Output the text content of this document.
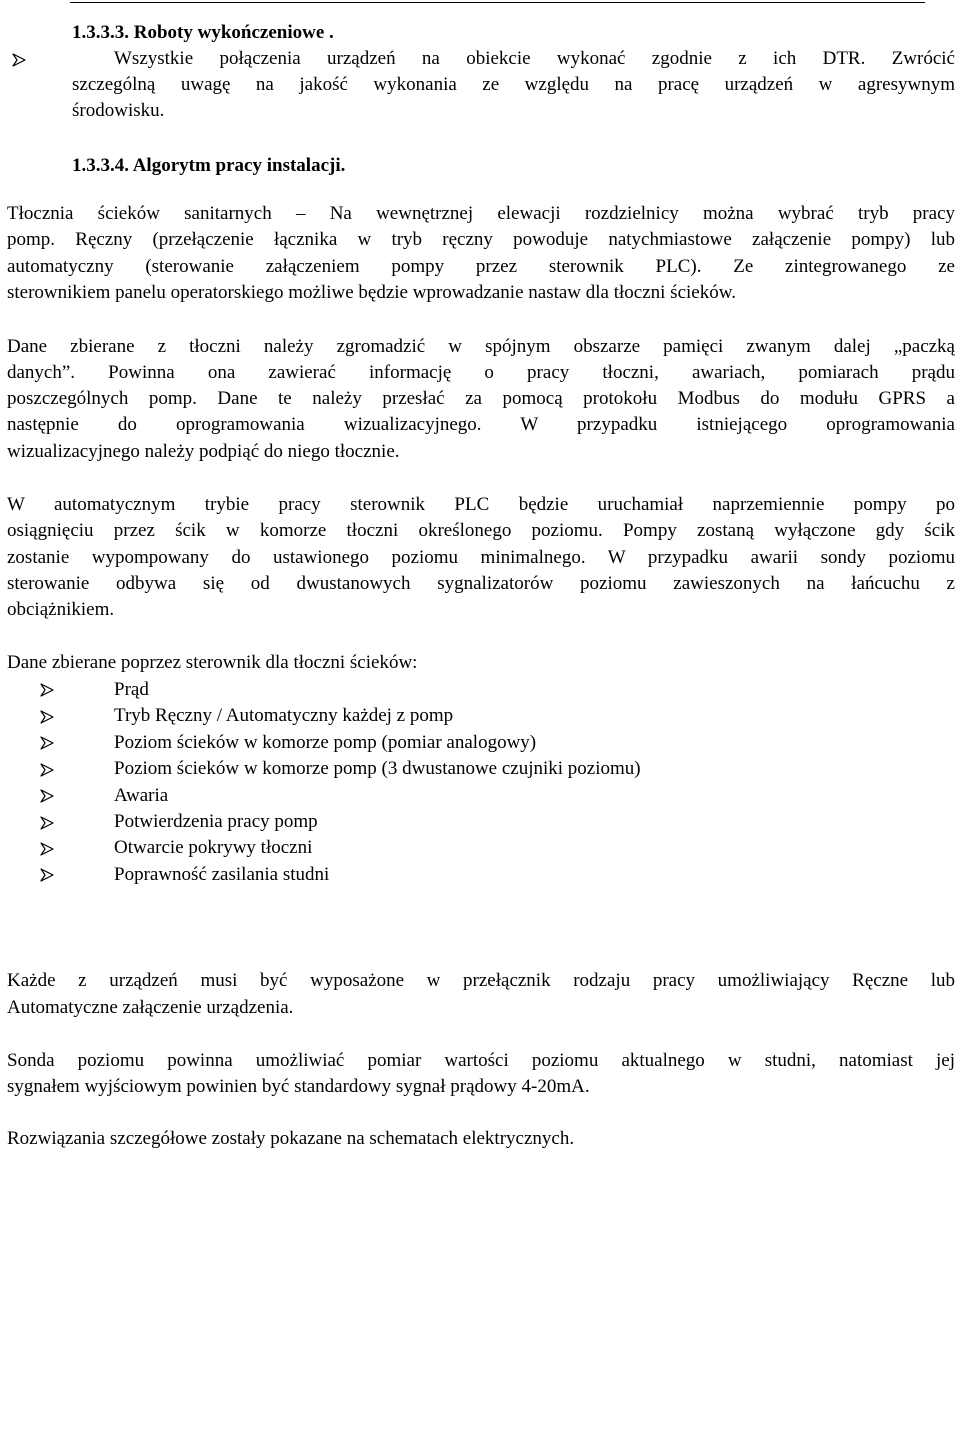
1.3.3.3. Roboty wykończeniowe .
Wszystkie połączenia urządzeń na obiekcie wykonać zgodnie z ich DTR. Zwrócić
szczególną uwagę na jakość wykonania ze względu na pracę urządzeń w agresywnym
środowisku.
1.3.3.4. Algorytm pracy instalacji.
Tłocznia ścieków sanitarnych – Na wewnętrznej elewacji rozdzielnicy można wybrać tryb pracy
pomp. Ręczny (przełączenie łącznika w tryb ręczny powoduje natychmiastowe załączenie pompy) lub
automatyczny (sterowanie załączeniem pompy przez sterownik PLC). Ze zintegrowanego ze
sterownikiem panelu operatorskiego możliwe będzie wprowadzanie nastaw dla tłoczni ścieków.
Dane zbierane z tłoczni należy zgromadzić w spójnym obszarze pamięci zwanym dalej „paczką
danych”. Powinna ona zawierać informację o pracy tłoczni, awariach, pomiarach prądu
poszczególnych pomp. Dane te należy przesłać za pomocą protokołu Modbus do modułu GPRS a
następnie do oprogramowania wizualizacyjnego. W przypadku istniejącego oprogramowania
wizualizacyjnego należy podpiąć do niego tłocznie.
W automatycznym trybie pracy sterownik PLC będzie uruchamiał naprzemiennie pompy po
osiągnięciu przez ścik w komorze tłoczni określonego poziomu. Pompy zostaną wyłączone gdy ścik
zostanie wypompowany do ustawionego poziomu minimalnego. W przypadku awarii sondy poziomu
sterowanie odbywa się od dwustanowych sygnalizatorów poziomu zawieszonych na łańcuchu z
obciążnikiem.
Dane zbierane poprzez sterownik dla tłoczni ścieków:
Prąd
Tryb Ręczny / Automatyczny każdej z pomp
Poziom ścieków w komorze pomp (pomiar analogowy)
Poziom ścieków w komorze pomp (3 dwustanowe czujniki poziomu)
Awaria
Potwierdzenia pracy pomp
Otwarcie pokrywy tłoczni
Poprawność zasilania studni
Każde z urządzeń musi być wyposażone w przełącznik rodzaju pracy umożliwiający Ręczne lub
Automatyczne załączenie urządzenia.
Sonda poziomu powinna umożliwiać pomiar wartości poziomu aktualnego w studni, natomiast jej
sygnałem wyjściowym powinien być standardowy sygnał prądowy 4-20mA.
Rozwiązania szczegółowe zostały pokazane na schematach elektrycznych.
